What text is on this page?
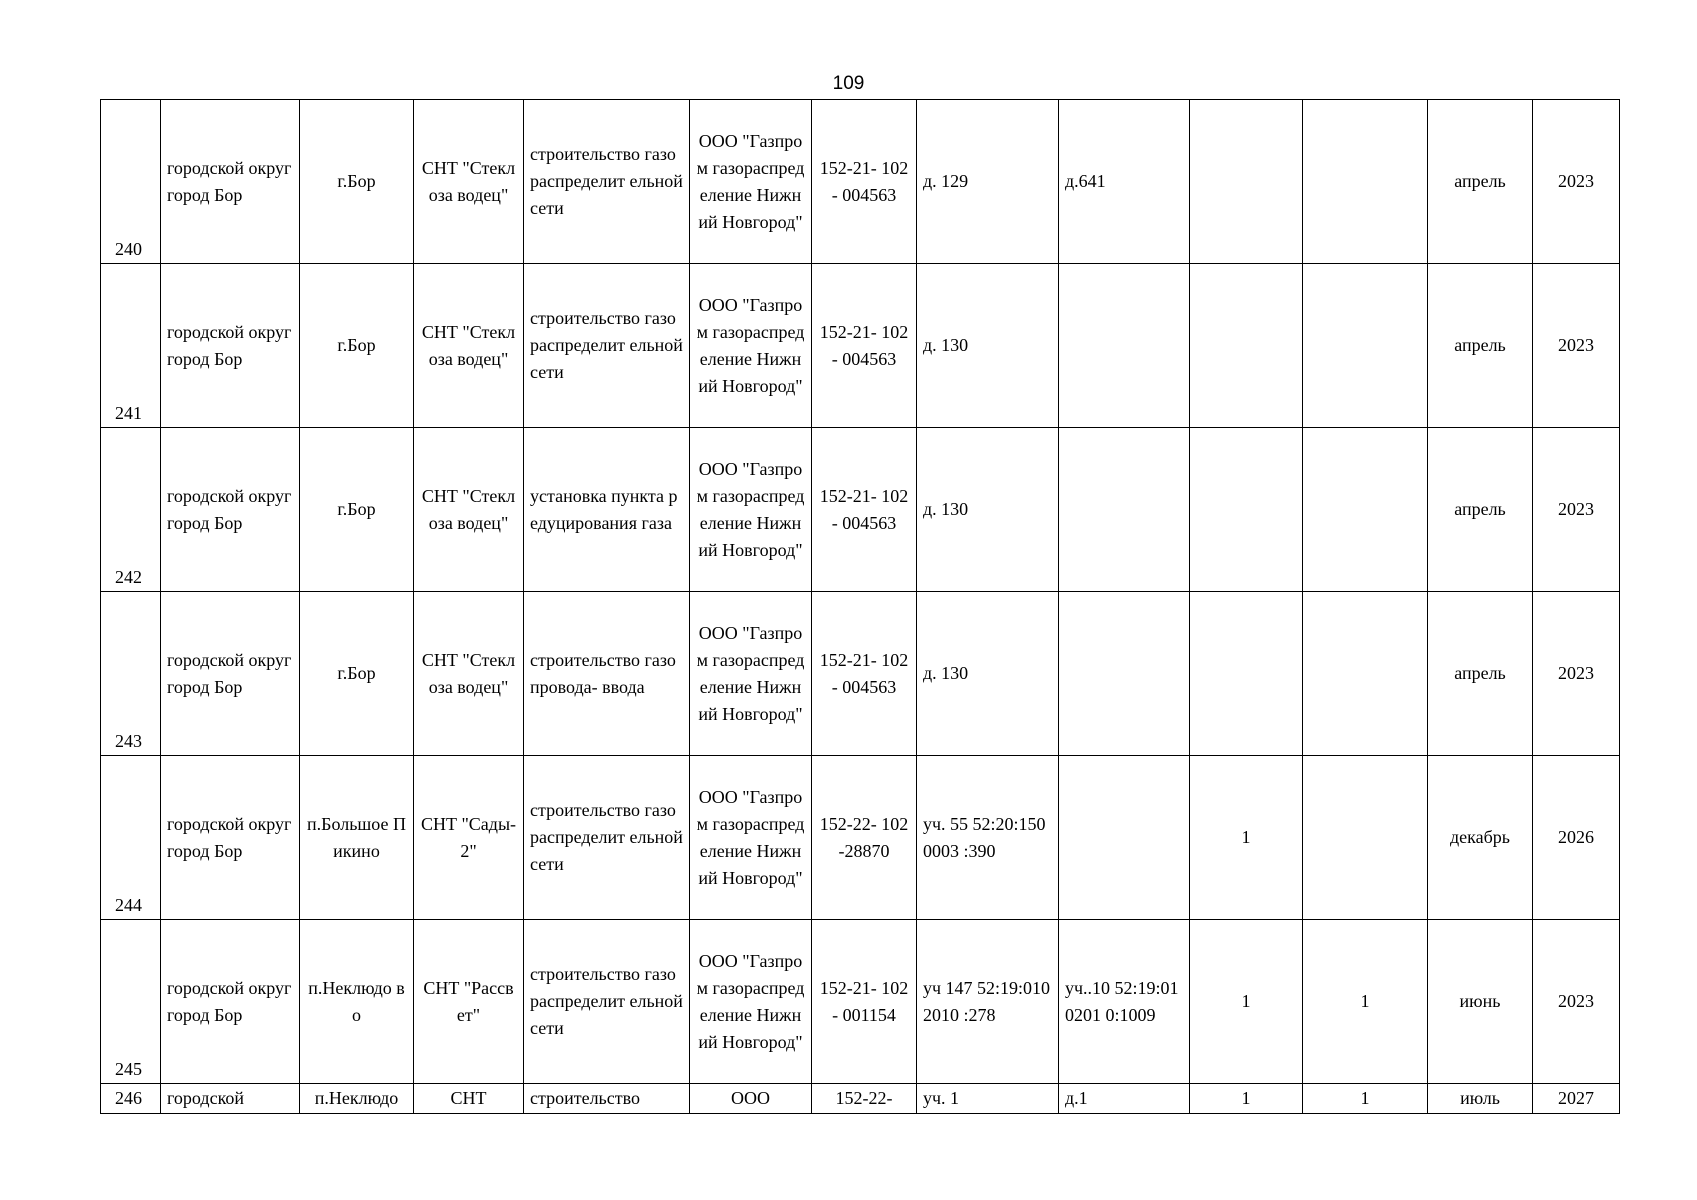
109
240	городской округ город Бор	г.Бор	СНТ "Стеклоза водец"	строительство газораспределит ельной сети	ООО "Газпром газораспред еление Нижний Новгород"	152-21- 102- 004563	д. 129	д.641			апрель	2023
241	городской округ город Бор	г.Бор	СНТ "Стеклоза водец"	строительство газораспределит ельной сети	ООО "Газпром газораспред еление Нижний Новгород"	152-21- 102- 004563	д. 130				апрель	2023
242	городской округ город Бор	г.Бор	СНТ "Стеклоза водец"	установка пункта редуцирования газа	ООО "Газпром газораспред еление Нижний Новгород"	152-21- 102- 004563	д. 130				апрель	2023
243	городской округ город Бор	г.Бор	СНТ "Стеклоза водец"	строительство газопровода- ввода	ООО "Газпром газораспред еление Нижний Новгород"	152-21- 102- 004563	д. 130				апрель	2023
244	городской округ город Бор	п.Большое Пикино	СНТ "Сады-2"	строительство газораспределит ельной сети	ООО "Газпром газораспред еление Нижний Новгород"	152-22- 102-28870	уч. 55 52:20:1500003 :390		1		декабрь	2026
245	городской округ город Бор	п.Неклюдо во	СНТ "Рассвет"	строительство газораспределит ельной сети	ООО "Газпром газораспред еление Нижний Новгород"	152-21- 102- 001154	уч 147 52:19:0102010 :278	уч..10 52:19:010201 0:1009	1	1	июнь	2023
246	городской	п.Неклюдо	СНТ	строительство	ООО	152-22-	уч. 1	д.1	1	1	июль	2027
